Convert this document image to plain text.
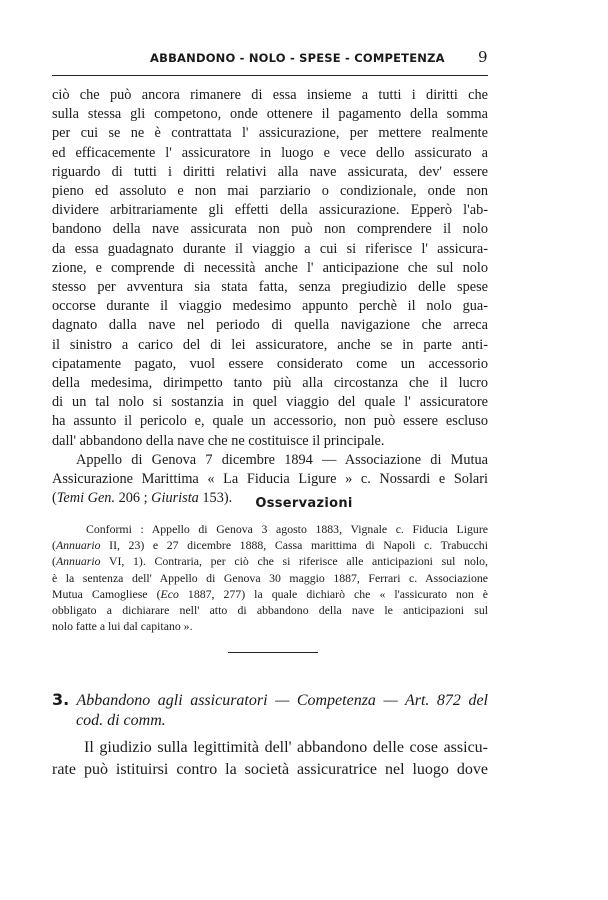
ABBANDONO - NOLO - SPESE - COMPETENZA 9
ciò che può ancora rimanere di essa insieme a tutti i diritti che
sulla stessa gli competono, onde ottenere il pagamento della somma
per cui se ne è contrattata l' assicurazione, per mettere realmente
ed efficacemente l' assicuratore in luogo e vece dello assicurato a
riguardo di tutti i diritti relativi alla nave assicurata, dev' essere
pieno ed assoluto e non mai parziario o condizionale, onde non
dividere arbitrariamente gli effetti della assicurazione. Epperò l'ab-
bandono della nave assicurata non può non comprendere il nolo
da essa guadagnato durante il viaggio a cui si riferisce l' assicura-
zione, e comprende di necessità anche l' anticipazione che sul nolo
stesso per avventura sia stata fatta, senza pregiudizio delle spese
occorse durante il viaggio medesimo appunto perchè il nolo gua-
dagnato dalla nave nel periodo di quella navigazione che arreca
il sinistro a carico del di lei assicuratore, anche se in parte anti-
cipatamente pagato, vuol essere considerato come un accessorio
della medesima, dirimpetto tanto più alla circostanza che il lucro
di un tal nolo si sostanzia in quel viaggio del quale l' assicuratore
ha assunto il pericolo e, quale un accessorio, non può essere escluso
dall' abbandono della nave che ne costituisce il principale.
Appello di Genova 7 dicembre 1894 — Associazione di Mutua
Assicurazione Marittima « La Fiducia Ligure » c. Nossardi e Solari
(Temi Gen. 206 ; Giurista 153).	Osservazioni
Conformi : Appello di Genova 3 agosto 1883, Vignale c. Fiducia Ligure
(Annuario II, 23) e 27 dicembre 1888, Cassa marittima di Napoli c. Trabucchi
(Annuario VI, 1). Contraria, per ciò che si riferisce alle anticipazioni sul nolo,
è la sentenza dell' Appello di Genova 30 maggio 1887, Ferrari c. Associazione
Mutua Camogliese (Eco 1887, 277) la quale dichiarò che « l'assicurato non è
obbligato a dichiarare nell' atto di abbandono della nave le anticipazioni sul
nolo fatte a lui dal capitano ».
3. Abbandono agli assicuratori — Competenza — Art. 872 del
cod. di comm.
Il giudizio sulla legittimità dell' abbandono delle cose assicu-
rate può istituirsi contro la società assicuratrice nel luogo dove
